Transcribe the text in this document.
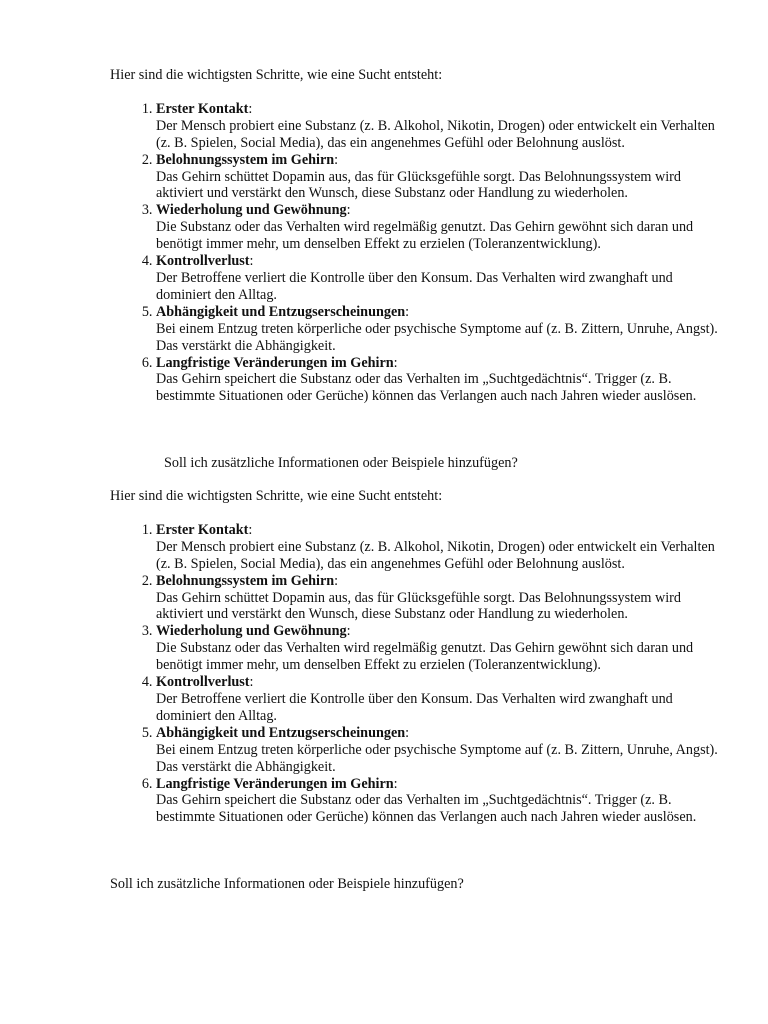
Hier sind die wichtigsten Schritte, wie eine Sucht entsteht:

1. Erster Kontakt:
Der Mensch probiert eine Substanz (z. B. Alkohol, Nikotin, Drogen) oder entwickelt ein Verhalten (z. B. Spielen, Social Media), das ein angenehmes Gefühl oder Belohnung auslöst.
2. Belohnungssystem im Gehirn:
Das Gehirn schüttet Dopamin aus, das für Glücksgefühle sorgt. Das Belohnungssystem wird aktiviert und verstärkt den Wunsch, diese Substanz oder Handlung zu wiederholen.
3. Wiederholung und Gewöhnung:
Die Substanz oder das Verhalten wird regelmäßig genutzt. Das Gehirn gewöhnt sich daran und benötigt immer mehr, um denselben Effekt zu erzielen (Toleranzentwicklung).
4. Kontrollverlust:
Der Betroffene verliert die Kontrolle über den Konsum. Das Verhalten wird zwanghaft und dominiert den Alltag.
5. Abhängigkeit und Entzugserscheinungen:
Bei einem Entzug treten körperliche oder psychische Symptome auf (z. B. Zittern, Unruhe, Angst). Das verstärkt die Abhängigkeit.
6. Langfristige Veränderungen im Gehirn:
Das Gehirn speichert die Substanz oder das Verhalten im „Suchtgedächtnis“. Trigger (z. B. bestimmte Situationen oder Gerüche) können das Verlangen auch nach Jahren wieder auslösen.

Soll ich zusätzliche Informationen oder Beispiele hinzufügen?

Hier sind die wichtigsten Schritte, wie eine Sucht entsteht:

1. Erster Kontakt:
Der Mensch probiert eine Substanz (z. B. Alkohol, Nikotin, Drogen) oder entwickelt ein Verhalten (z. B. Spielen, Social Media), das ein angenehmes Gefühl oder Belohnung auslöst.
2. Belohnungssystem im Gehirn:
Das Gehirn schüttet Dopamin aus, das für Glücksgefühle sorgt. Das Belohnungssystem wird aktiviert und verstärkt den Wunsch, diese Substanz oder Handlung zu wiederholen.
3. Wiederholung und Gewöhnung:
Die Substanz oder das Verhalten wird regelmäßig genutzt. Das Gehirn gewöhnt sich daran und benötigt immer mehr, um denselben Effekt zu erzielen (Toleranzentwicklung).
4. Kontrollverlust:
Der Betroffene verliert die Kontrolle über den Konsum. Das Verhalten wird zwanghaft und dominiert den Alltag.
5. Abhängigkeit und Entzugserscheinungen:
Bei einem Entzug treten körperliche oder psychische Symptome auf (z. B. Zittern, Unruhe, Angst). Das verstärkt die Abhängigkeit.
6. Langfristige Veränderungen im Gehirn:
Das Gehirn speichert die Substanz oder das Verhalten im „Suchtgedächtnis“. Trigger (z. B. bestimmte Situationen oder Gerüche) können das Verlangen auch nach Jahren wieder auslösen.

Soll ich zusätzliche Informationen oder Beispiele hinzufügen?
